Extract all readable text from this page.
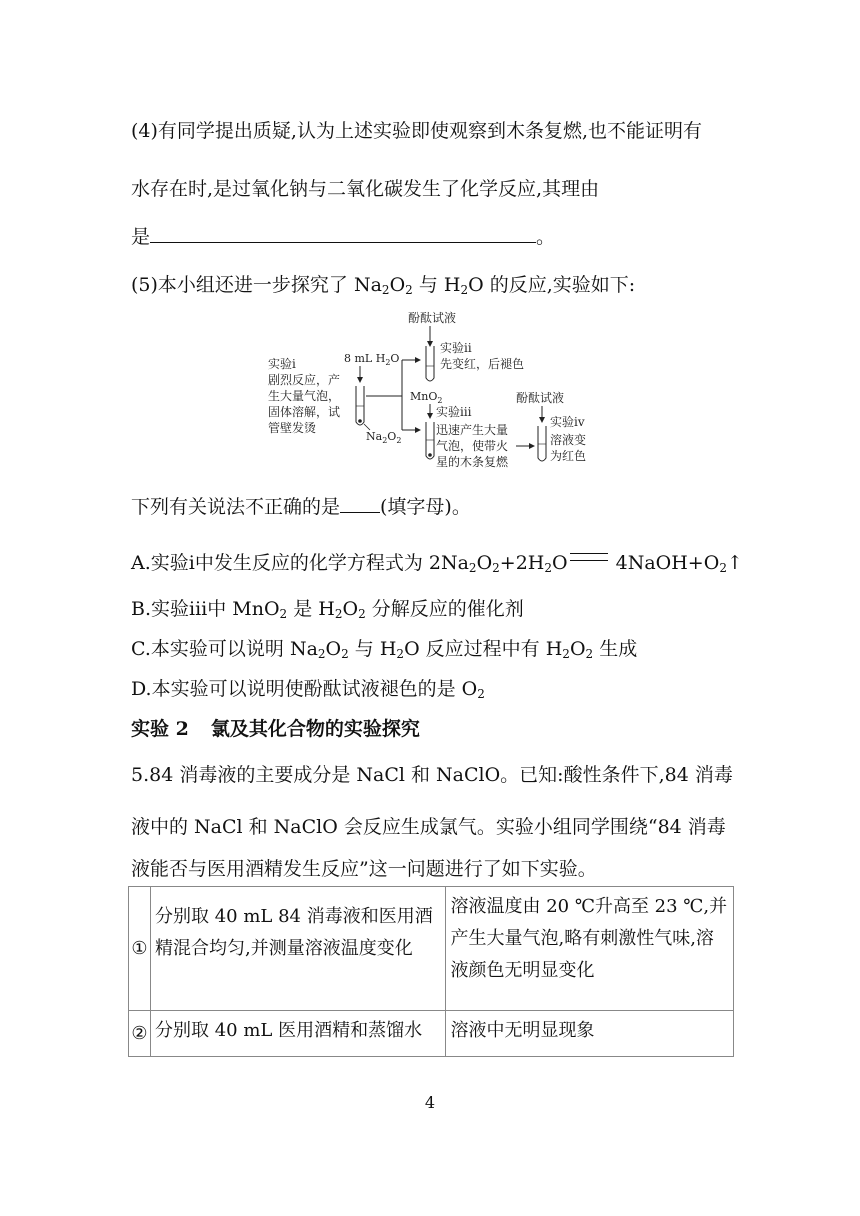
(4)有同学提出质疑,认为上述实验即使观察到木条复燃,也不能证明有
水存在时,是过氧化钠与二氧化碳发生了化学反应,其理由
是	。
(5)本小组还进一步探究了 $Na_2O_2$ 与 $H_2O$ 的反应,实验如下:
酚酞试液
8 mL $H_2O$
实验ⅰ
剧烈反应，产
生大量气泡，
固体溶解，试
管壁发烫
$Na_2O_2$
实验ⅱ
先变红，后褪色
MnO$_2$
实验ⅲ
迅速产生大量
气泡，使带火
星的木条复燃
酚酞试液
实验ⅳ
溶液变
为红色
下列有关说法不正确的是 (填字母)。
A.实验ⅰ中发生反应的化学方程式为 $2Na_2O_2+2H_2O$ $4NaOH+O_2↑$
B.实验ⅲ中 MnO$_2$ 是 $H_2O_2$ 分解反应的催化剂
C.本实验可以说明 $Na_2O_2$ 与 $H_2O$ 反应过程中有 $H_2O_2$ 生成
D.本实验可以说明使酚酞试液褪色的是 $O_2$
实验 2 氯及其化合物的实验探究
5.84 消毒液的主要成分是 NaCl 和 NaClO。已知:酸性条件下,84 消毒
液中的 NaCl 和 NaClO 会反应生成氯气。实验小组同学围绕“84 消毒
液能否与医用酒精发生反应”这一问题进行了如下实验。
①	分别取 40 mL 84 消毒液和医用酒精混合均匀,并测量溶液温度变化	溶液温度由 20 ℃升高至 23 ℃,并产生大量气泡,略有刺激性气味,溶液颜色无明显变化
②	分别取 40 mL 医用酒精和蒸馏水	溶液中无明显现象
4
